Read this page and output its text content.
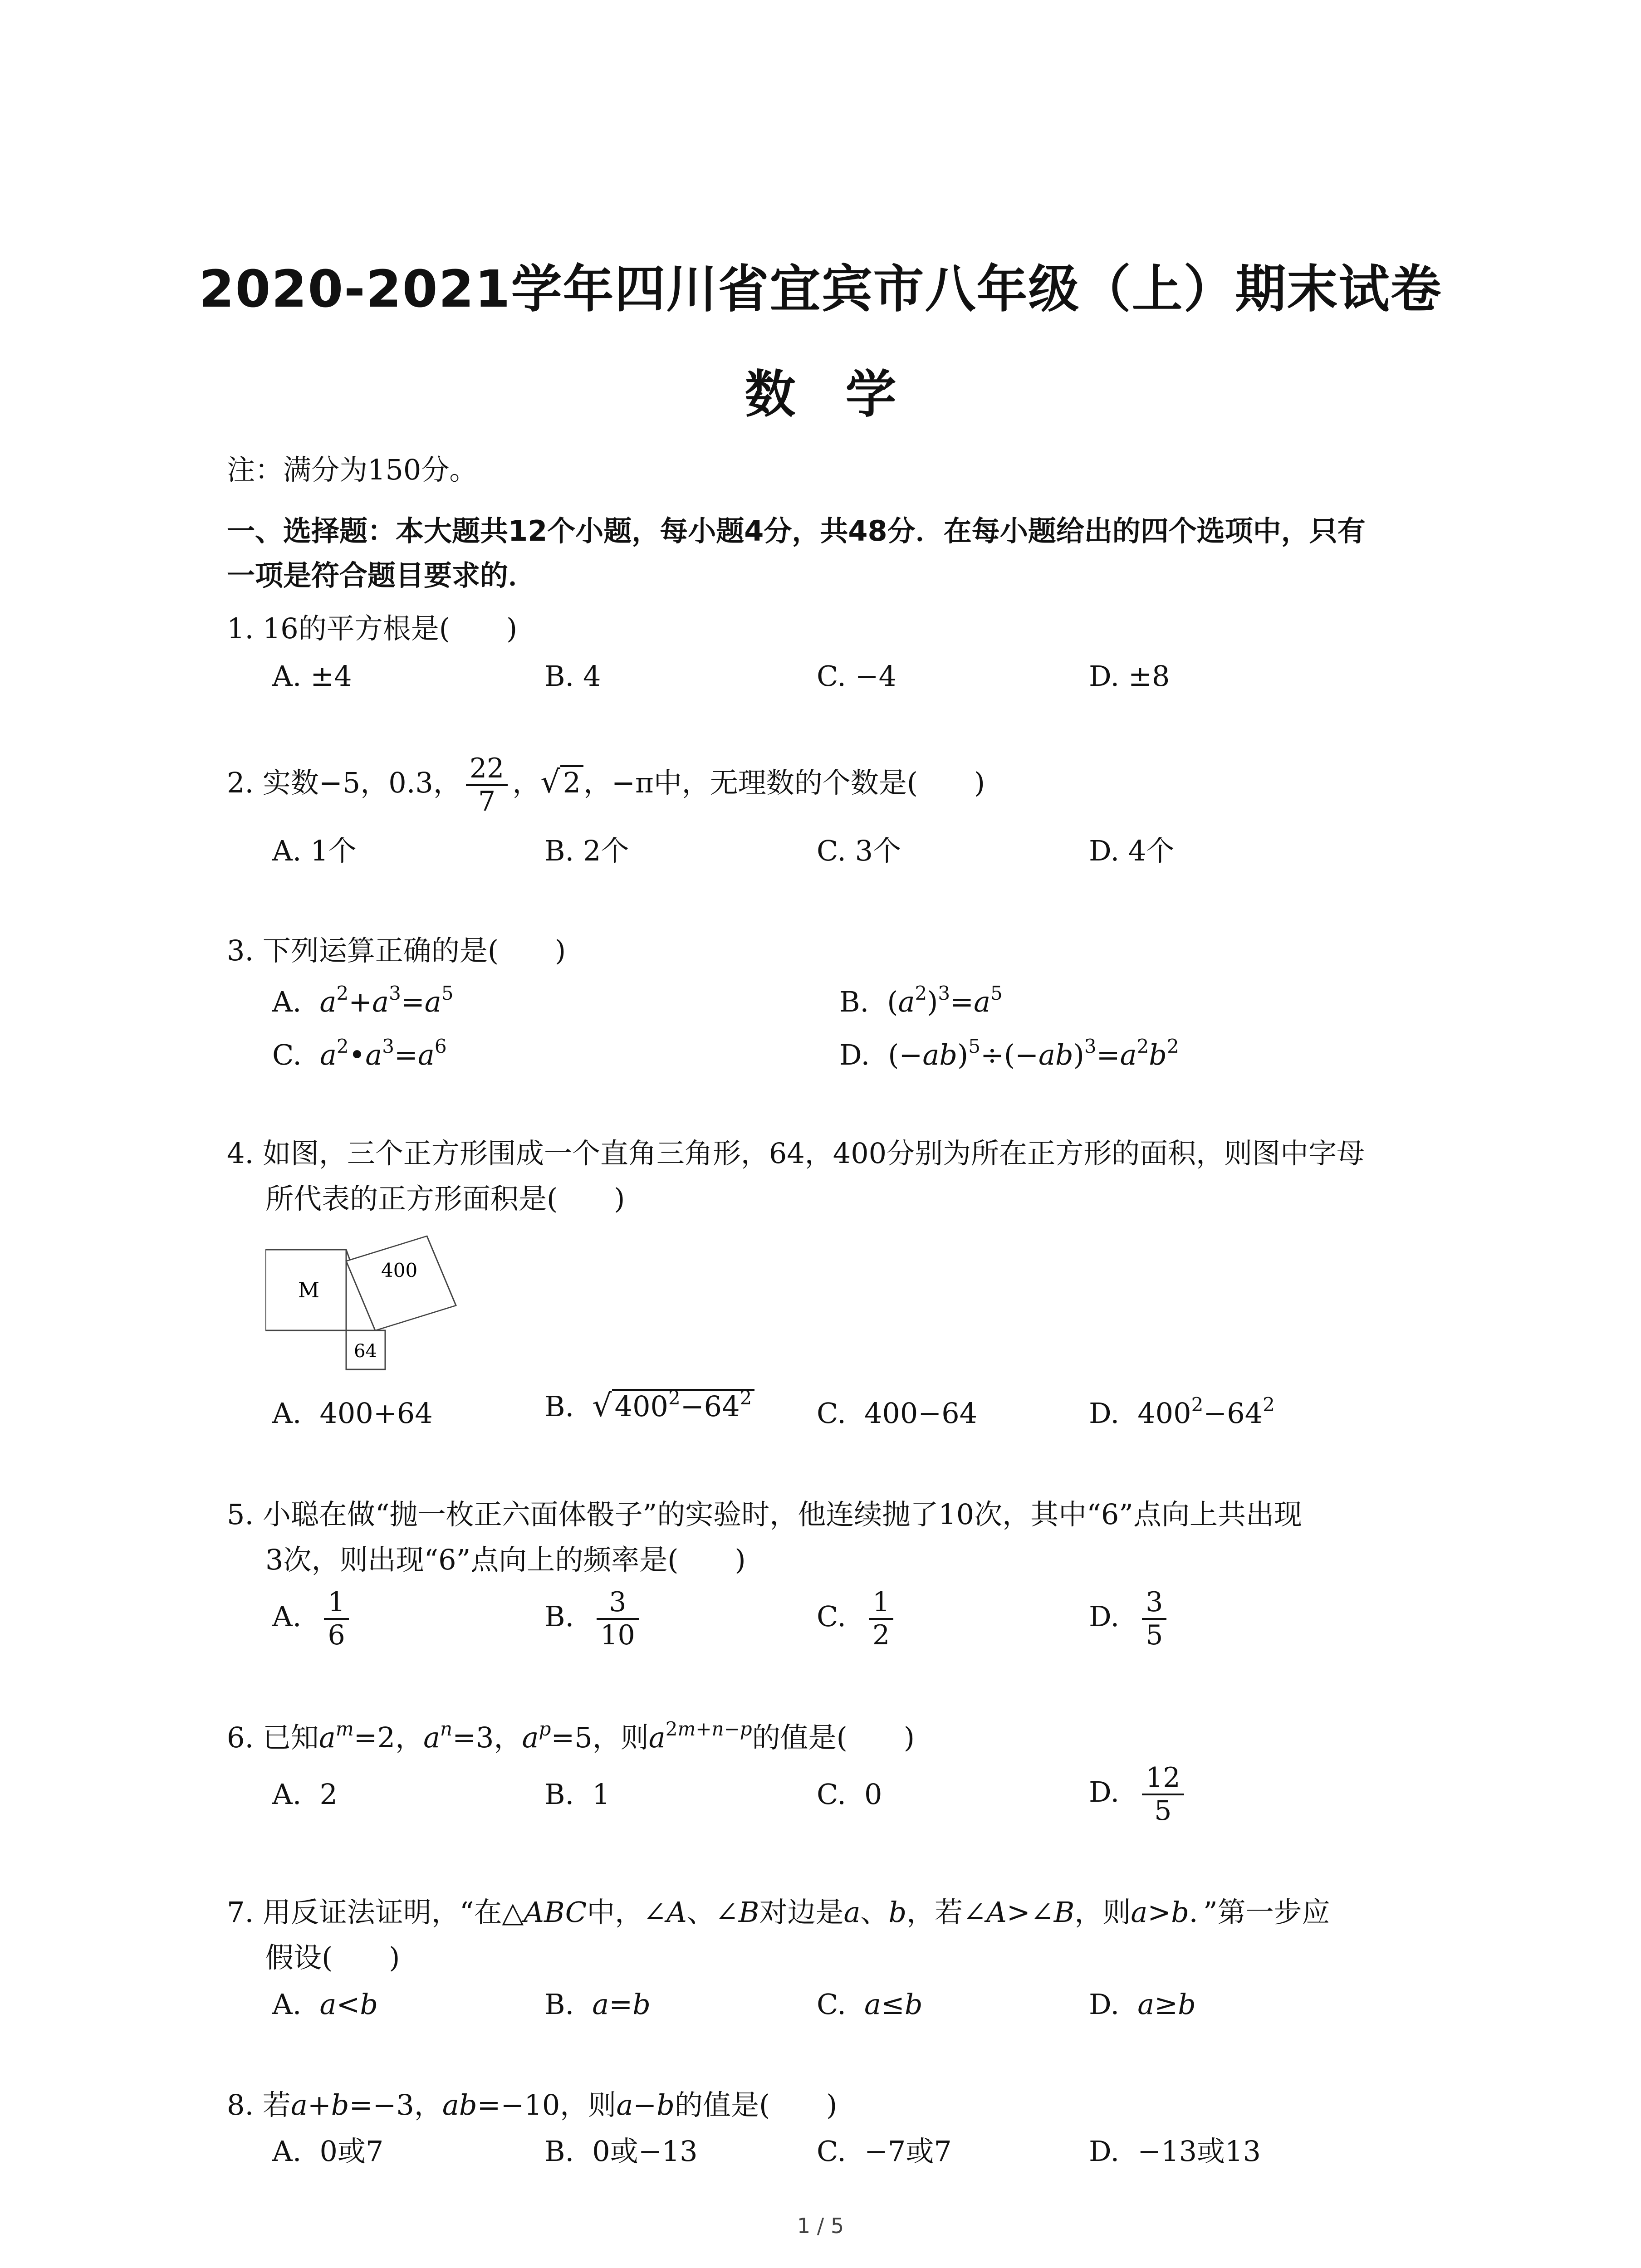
2020-2021学年四川省宜宾市八年级（上）期末试卷
数学
注：满分为150分。
一、选择题：本大题共12个小题，每小题4分，共48分．在每小题给出的四个选项中，只有
一项是符合题目要求的．
1. 16的平方根是(　　)
A. ±4	B. 4	C. −4	D. ±8
2. 实数−5，0.3， $\frac{22}{7}$ ，√2，−π中，无理数的个数是(　　)
A. 1个	B. 2个	C. 3个	D. 4个
3. 下列运算正确的是(　　)
A. $a^2+a^3=a^5$	B. $(a^2)^3=a^5$
C. $a^2•a^3=a^6$	D. $(-ab)^5\div(-ab)^3=a^2b^2$
4. 如图，三个正方形围成一个直角三角形，64，400分别为所在正方形的面积，则图中字母
所代表的正方形面积是(　　)
M
400
64
A. 400+64	B. $√400^2-64^2$ C. 400−64	D. $400^2-64^2$
5. 小聪在做“抛一枚正六面体骰子”的实验时，他连续抛了10次，其中“6”点向上共出现
3次，则出现“6”点向上的频率是(　　)
A. $\frac{1}{6}$	B. $\frac{3}{10}$	C. $\frac{1}{2}$	D. $\frac{3}{5}$
6. 已知$a^m=2$，$a^n=3$，$a^p=5$，则$a^{2m+n-p}$的值是(　　)
A. 2	B. 1	C. 0	D. $\frac{12}{5}$
7. 用反证法证明，“在△ABC中，∠A、∠B对边是a、b，若∠A>∠B，则a>b．”第一步应
假设(　　)
A. a<b	B. a=b	C. a≤b	D. a≥b
8. 若a+b=−3，ab=−10，则a−b的值是(　　)
A. 0或7	B. 0或−13	C. −7或7	D. −13或13
1 / 5
